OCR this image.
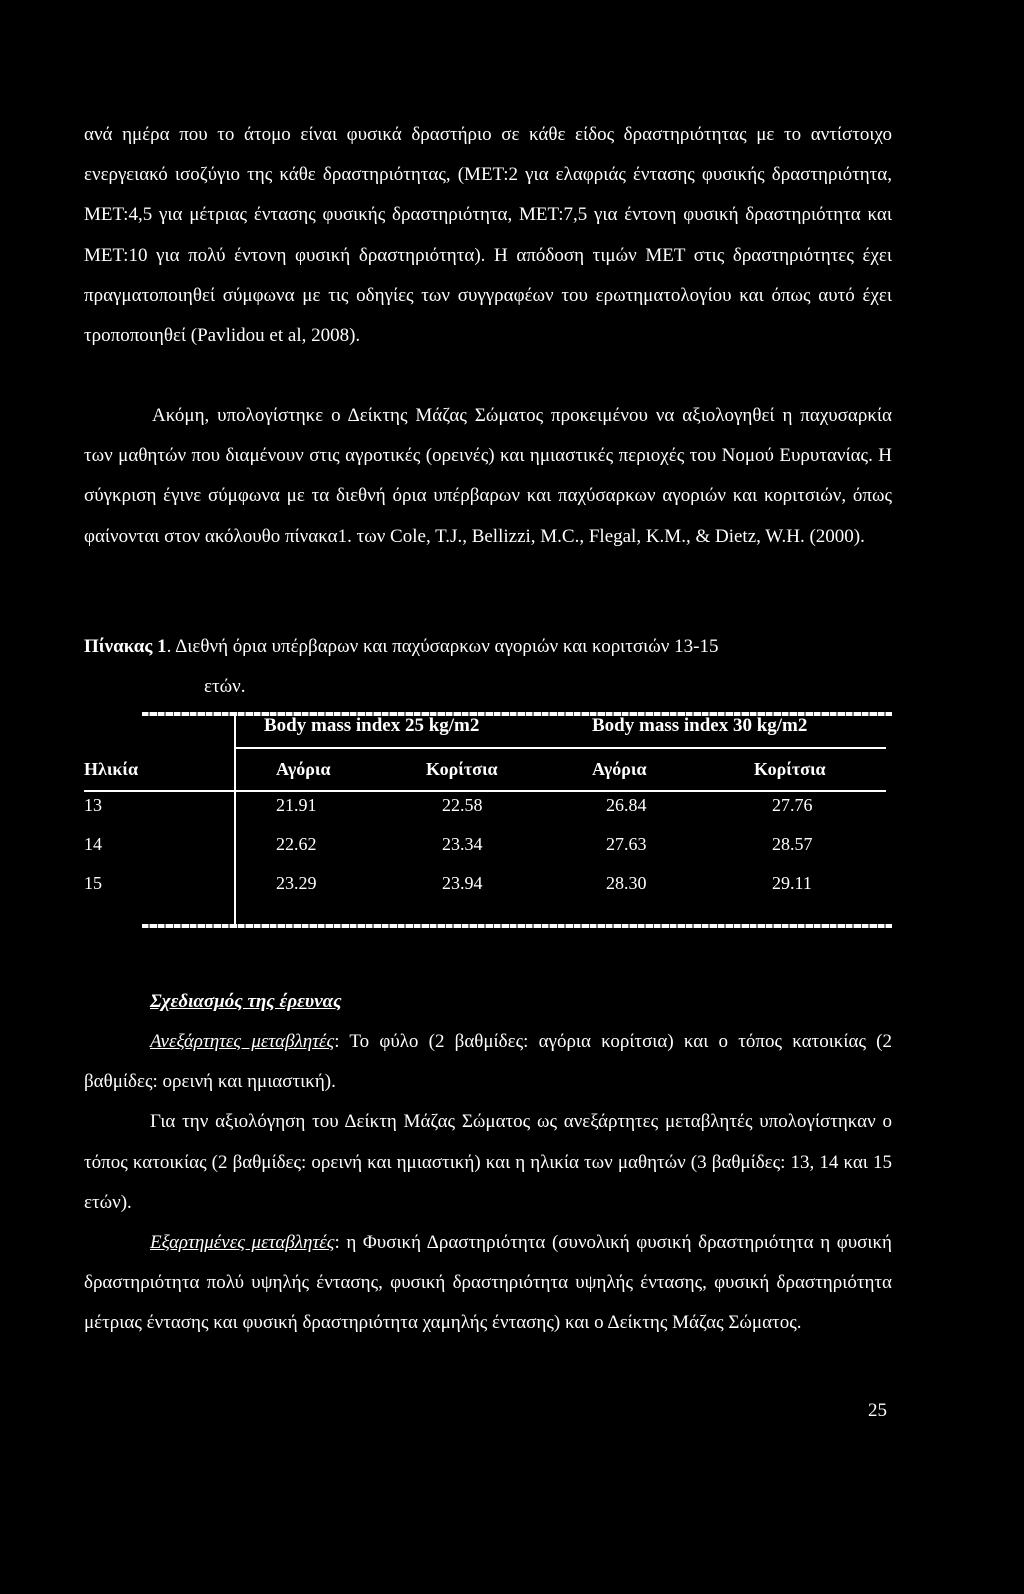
ανά ημέρα που το άτομο είναι φυσικά δραστήριο σε κάθε είδος δραστηριότητας με το αντίστοιχο ενεργειακό ισοζύγιο της κάθε δραστηριότητας, (MET:2 για ελαφριάς έντασης φυσικής δραστηριότητα, MET:4,5 για μέτριας έντασης φυσικής δραστηριότητα, MET:7,5 για έντονη φυσική δραστηριότητα και MET:10 για πολύ έντονη φυσική δραστηριότητα). Η απόδοση τιμών MET στις δραστηριότητες έχει πραγματοποιηθεί σύμφωνα με τις οδηγίες των συγγραφέων του ερωτηματολογίου και όπως αυτό έχει τροποποιηθεί (Pavlidou et al, 2008).

Ακόμη, υπολογίστηκε ο Δείκτης Μάζας Σώματος προκειμένου να αξιολογηθεί η παχυσαρκία των μαθητών που διαμένουν στις αγροτικές (ορεινές) και ημιαστικές περιοχές του Νομού Ευρυτανίας. Η σύγκριση έγινε σύμφωνα με τα διεθνή όρια υπέρβαρων και παχύσαρκων αγοριών και κοριτσιών, όπως φαίνονται στον ακόλουθο πίνακα1. των Cole, T.J., Bellizzi, M.C., Flegal, K.M., & Dietz, W.H. (2000).

Πίνακας 1. Διεθνή όρια υπέρβαρων και παχύσαρκων αγοριών και κοριτσιών 13-15
ετών.
Body mass index 25 kg/m2	Body mass index 30 kg/m2
Ηλικία	Αγόρια	Κορίτσια	Αγόρια	Κορίτσια
13	21.91	22.58	26.84	27.76
14	22.62	23.34	27.63	28.57
15	23.29	23.94	28.30	29.11

Σχεδιασμός της έρευνας

Ανεξάρτητες μεταβλητές: Το φύλο (2 βαθμίδες: αγόρια κορίτσια) και ο τόπος κατοικίας (2 βαθμίδες: ορεινή και ημιαστική).
Για την αξιολόγηση του Δείκτη Μάζας Σώματος ως ανεξάρτητες μεταβλητές υπολογίστηκαν ο τόπος κατοικίας (2 βαθμίδες: ορεινή και ημιαστική) και η ηλικία των μαθητών (3 βαθμίδες: 13, 14 και 15 ετών).
Εξαρτημένες μεταβλητές: η Φυσική Δραστηριότητα (συνολική φυσική δραστηριότητα η φυσική δραστηριότητα πολύ υψηλής έντασης, φυσική δραστηριότητα υψηλής έντασης, φυσική δραστηριότητα μέτριας έντασης και φυσική δραστηριότητα χαμηλής έντασης) και ο Δείκτης Μάζας Σώματος.
25
